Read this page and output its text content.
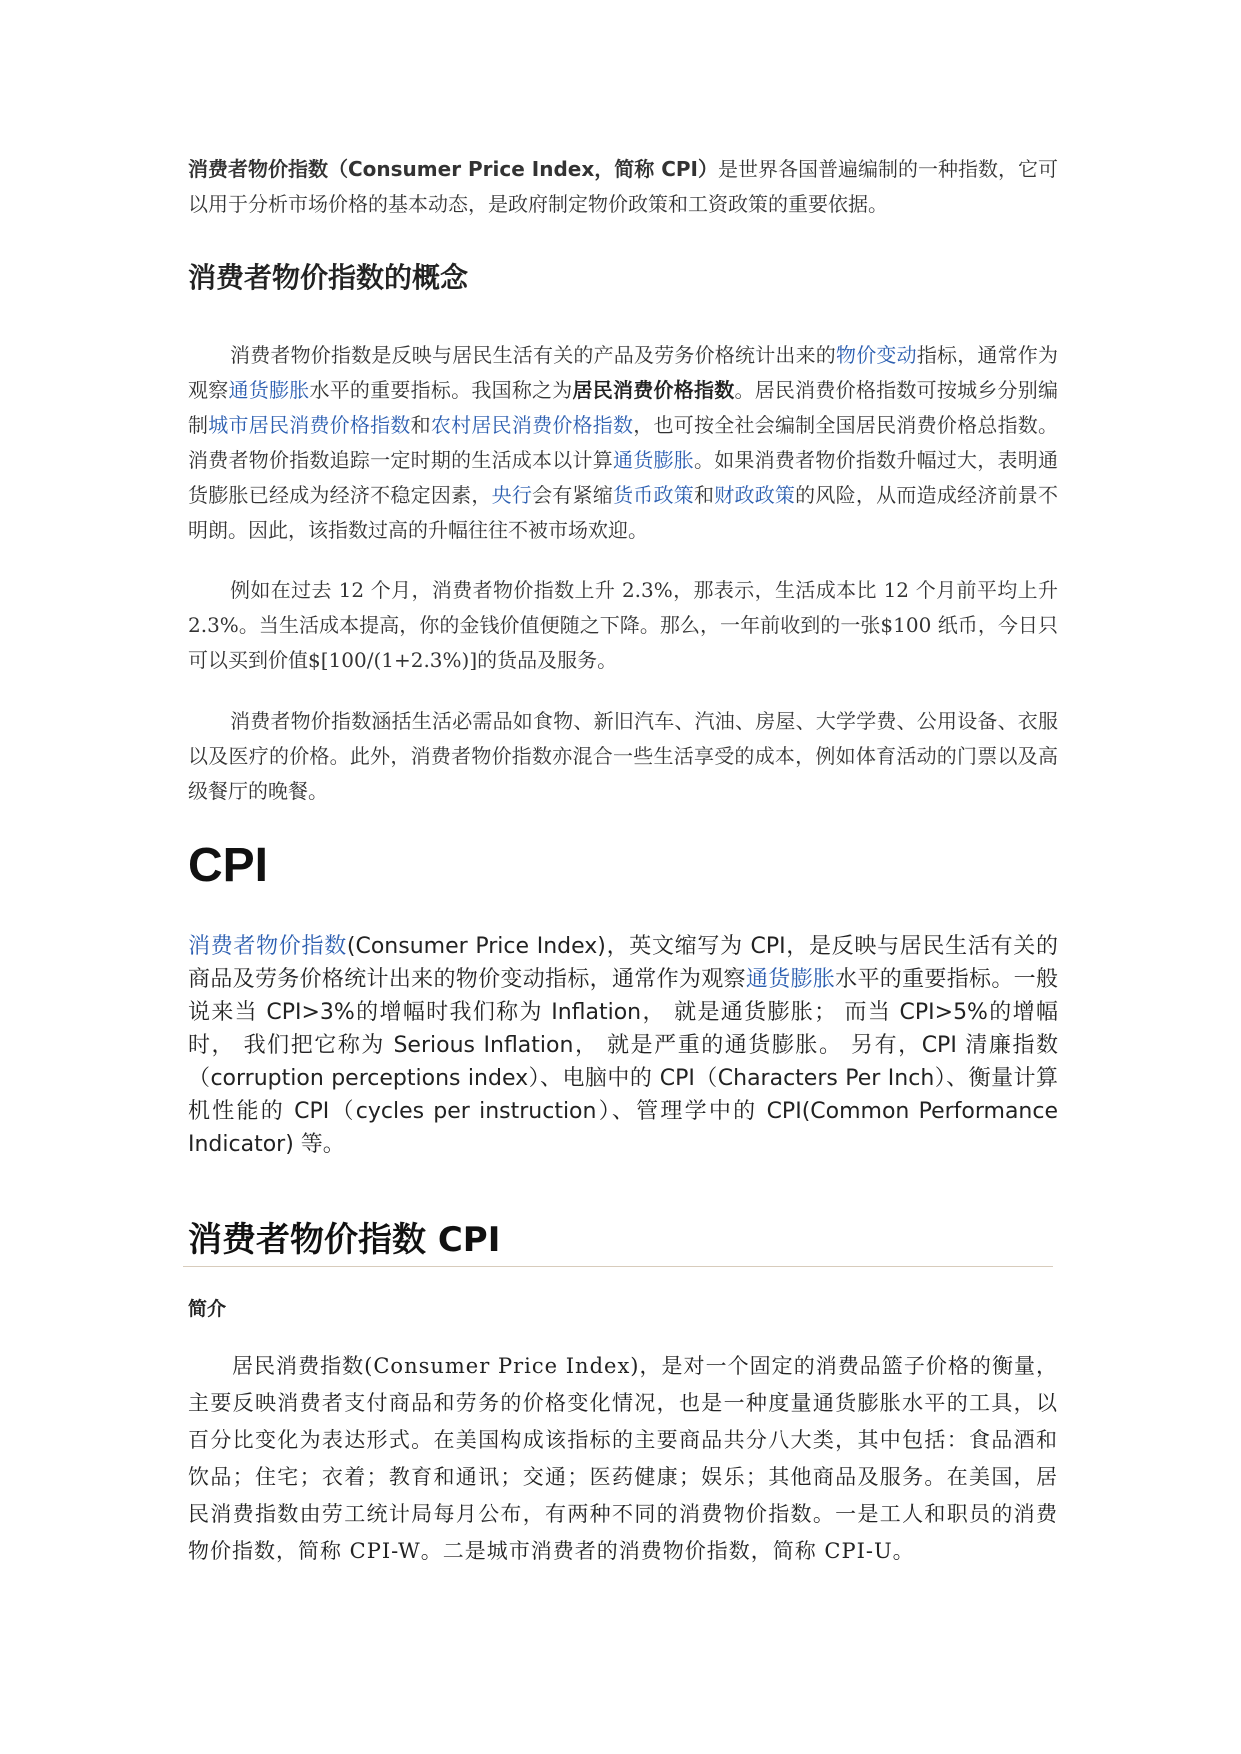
消费者物价指数（Consumer Price Index，简称 CPI）是世界各国普遍编制的一种指数，它可以用于分析市场价格的基本动态，是政府制定物价政策和工资政策的重要依据。

消费者物价指数的概念

消费者物价指数是反映与居民生活有关的产品及劳务价格统计出来的物价变动指标，通常作为观察通货膨胀水平的重要指标。我国称之为居民消费价格指数。居民消费价格指数可按城乡分别编制城市居民消费价格指数和农村居民消费价格指数，也可按全社会编制全国居民消费价格总指数。消费者物价指数追踪一定时期的生活成本以计算通货膨胀。如果消费者物价指数升幅过大，表明通货膨胀已经成为经济不稳定因素，央行会有紧缩货币政策和财政政策的风险，从而造成经济前景不明朗。因此，该指数过高的升幅往往不被市场欢迎。

例如在过去 12 个月，消费者物价指数上升 2.3%，那表示，生活成本比 12 个月前平均上升 2.3%。当生活成本提高，你的金钱价值便随之下降。那么，一年前收到的一张$100 纸币，今日只可以买到价值$[100/(1+2.3%)]的货品及服务。

消费者物价指数涵括生活必需品如食物、新旧汽车、汽油、房屋、大学学费、公用设备、衣服以及医疗的价格。此外，消费者物价指数亦混合一些生活享受的成本，例如体育活动的门票以及高级餐厅的晚餐。

CPI

消费者物价指数(Consumer Price Index)，英文缩写为 CPI，是反映与居民生活有关的商品及劳务价格统计出来的物价变动指标，通常作为观察通货膨胀水平的重要指标。一般说来当 CPI>3%的增幅时我们称为 Inflation， 就是通货膨胀； 而当 CPI>5%的增幅时， 我们把它称为 Serious Inflation， 就是严重的通货膨胀。 另有，CPI 清廉指数（corruption perceptions index）、电脑中的 CPI（Characters Per Inch）、衡量计算机性能的 CPI（cycles per instruction）、管理学中的 CPI(Common Performance Indicator) 等。

消费者物价指数 CPI
简介

居民消费指数(Consumer Price Index)，是对一个固定的消费品篮子价格的衡量，主要反映消费者支付商品和劳务的价格变化情况，也是一种度量通货膨胀水平的工具，以百分比变化为表达形式。在美国构成该指标的主要商品共分八大类，其中包括：食品酒和饮品；住宅；衣着；教育和通讯；交通；医药健康；娱乐；其他商品及服务。在美国，居民消费指数由劳工统计局每月公布，有两种不同的消费物价指数。一是工人和职员的消费物价指数，简称 CPI-W。二是城市消费者的消费物价指数，简称 CPI-U。
